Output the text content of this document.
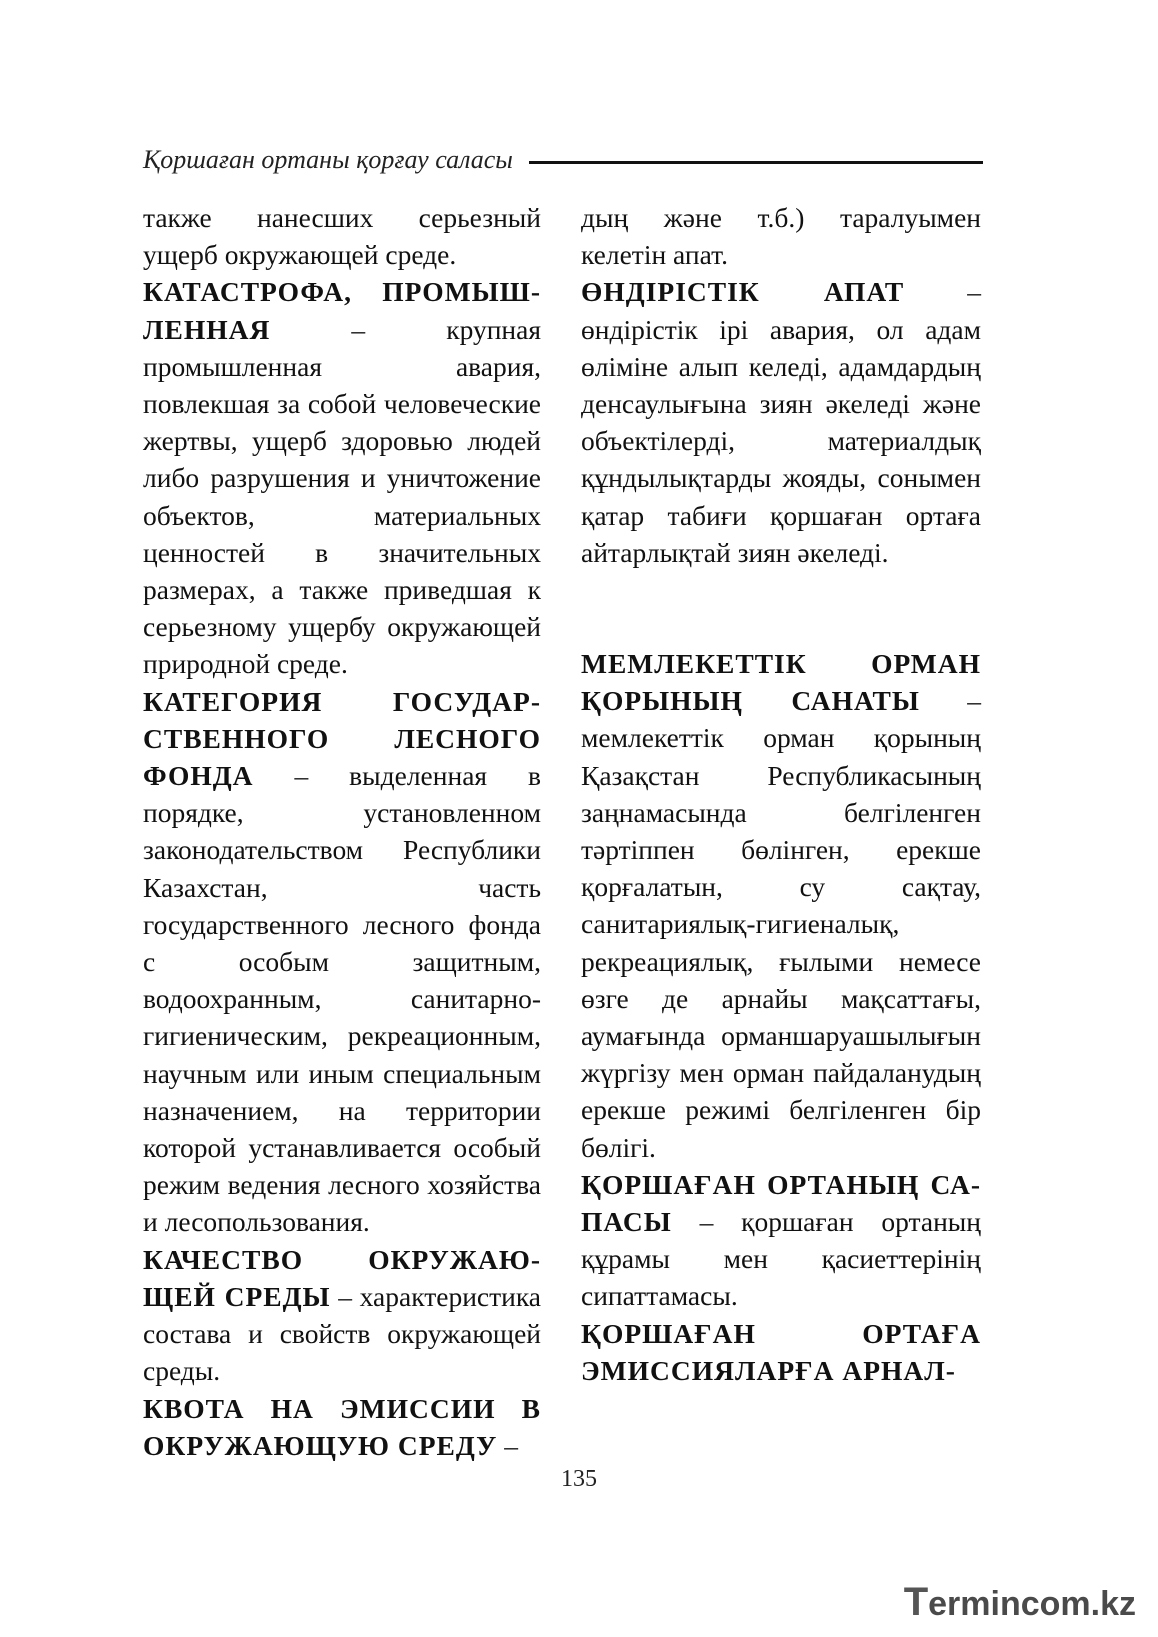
Қоршаған ортаны қорғау саласы

также нанесших серьезный ущерб окружающей среде.

КАТАСТРОФА, ПРОМЫШ-ЛЕННАЯ – крупная промышленная авария, повлекшая за собой человеческие жертвы, ущерб здоровью людей либо разрушения и уничтожение объектов, материальных ценностей в значительных размерах, а также приведшая к серьезному ущербу окружающей природной среде.

КАТЕГОРИЯ ГОСУДАР-СТВЕННОГО ЛЕСНОГО ФОНДА – выделенная в порядке, установленном законодательством Республики Казахстан, часть государственного лесного фонда с особым защитным, водоохранным, санитарно-гигиеническим, рекреационным, научным или иным специальным назначением, на территории которой устанавливается особый режим ведения лесного хозяйства и лесопользования.

КАЧЕСТВО ОКРУЖАЮ-ЩЕЙ СРЕДЫ – характеристика состава и свойств окружающей среды.

КВОТА НА ЭМИССИИ В ОКРУЖАЮЩУЮ СРЕДУ –

дың және т.б.) таралуымен келетін апат.

ӨНДІРІСТІК АПАТ – өндірістік ірі авария, ол адам өліміне алып келеді, адамдардың денсаулығына зиян әкеледі және объектілерді, материалдық құндылықтарды жояды, сонымен қатар табиғи қоршаған ортаға айтарлықтай зиян әкеледі.

МЕМЛЕКЕТТІК ОРМАН ҚОРЫНЫҢ САНАТЫ – мемлекеттік орман қорының Қазақстан Республикасының заңнамасында белгіленген тәртіппен бөлінген, ерекше қорғалатын, су сақтау, санитариялық-гигиеналық, рекреациялық, ғылыми немесе өзге де арнайы мақсаттағы, аумағында орманшаруашылығын жүргізу мен орман пайдаланудың ерекше режимі белгіленген бір бөлігі.

ҚОРШАҒАН ОРТАНЫҢ СА-ПАСЫ – қоршаған ортаның құрамы мен қасиеттерінің сипаттамасы.

ҚОРШАҒАН ОРТАҒА ЭМИССИЯЛАРҒА АРНАЛ-

135
Termincom.kz
